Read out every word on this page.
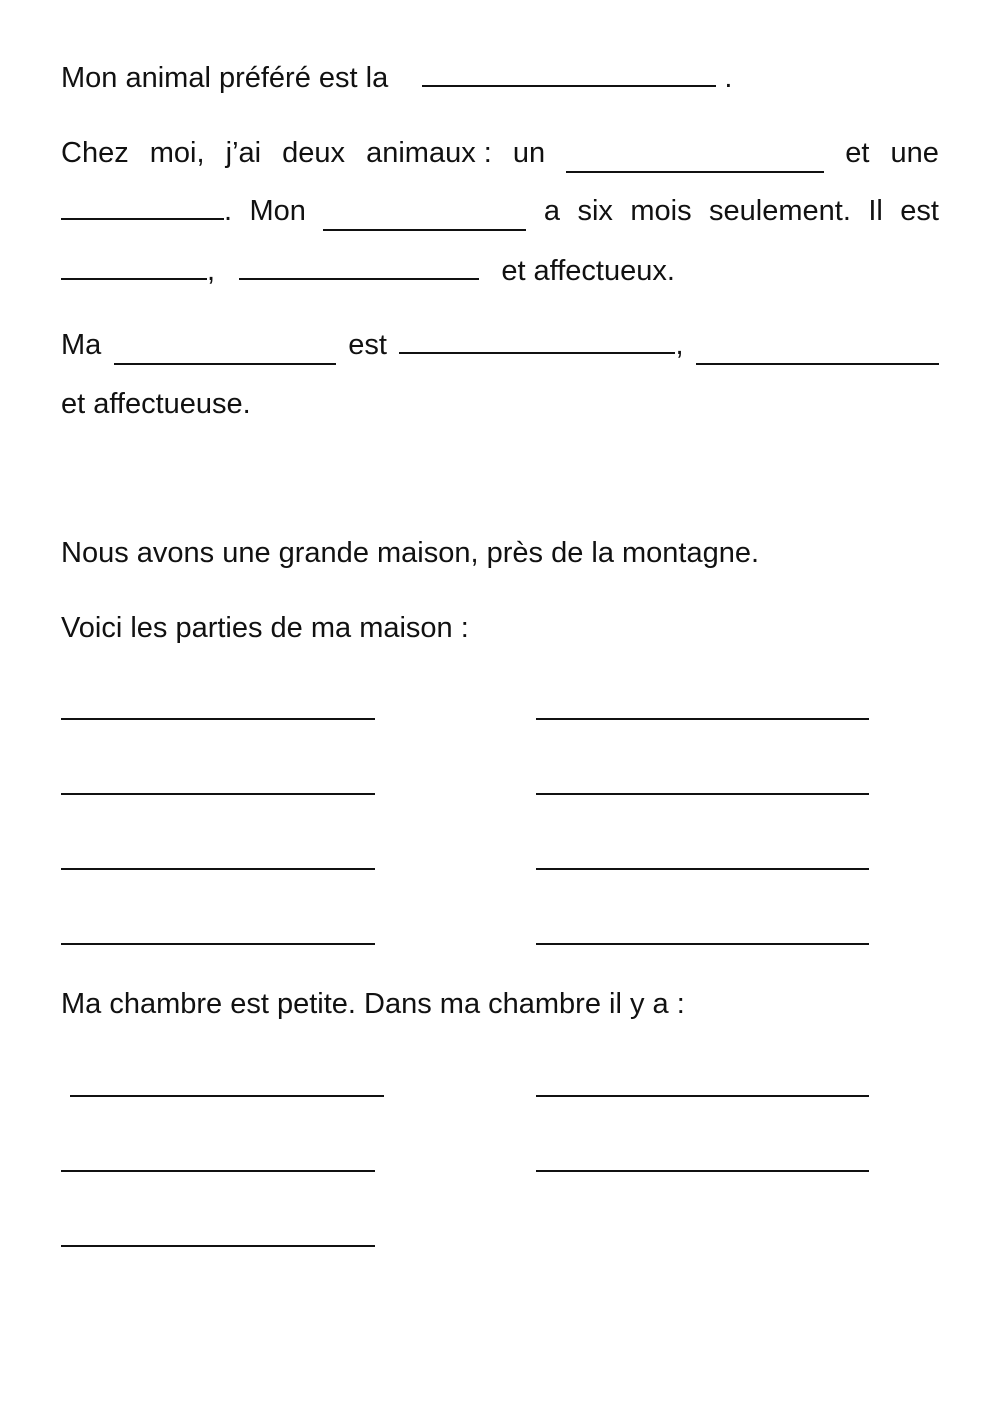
Mon animal préféré est la	.
Chez moi, j’ai deux animaux : un	et une
. Mon	a six mois seulement. Il est
,	et affectueux.
Ma	est	,
et affectueuse.
Nous avons une grande maison, près de la montagne.
Voici les parties de ma maison :
Ma chambre est petite. Dans ma chambre il y a :
